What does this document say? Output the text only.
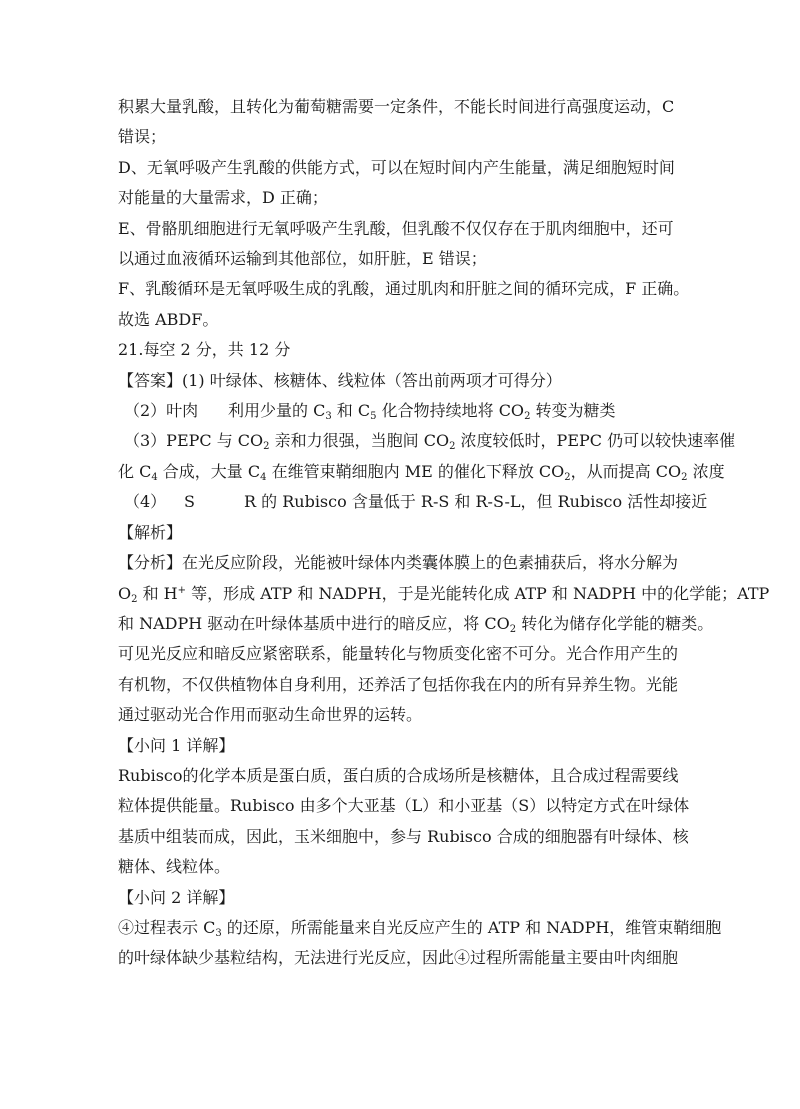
积累大量乳酸，且转化为葡萄糖需要一定条件，不能长时间进行高强度运动，C

错误；

D、无氧呼吸产生乳酸的供能方式，可以在短时间内产生能量，满足细胞短时间

对能量的大量需求，D 正确；

E、骨骼肌细胞进行无氧呼吸产生乳酸，但乳酸不仅仅存在于肌肉细胞中，还可

以通过血液循环运输到其他部位，如肝脏，E 错误；

F、乳酸循环是无氧呼吸生成的乳酸，通过肌肉和肝脏之间的循环完成，F 正确。

故选 ABDF。

21.每空 2 分，共 12 分

【答案】(1) 叶绿体、核糖体、线粒体（答出前两项才可得分）

（2）叶肉 利用少量的 $C_3$ 和 $C_5$ 化合物持续地将 $CO_2$ 转变为糖类

（3）PEPC 与 $CO_2$ 亲和力很强，当胞间 $CO_2$ 浓度较低时，PEPC 仍可以较快速率催

化 $C_4$ 合成，大量 $C_4$ 在维管束鞘细胞内 ME 的催化下释放 $CO_2$，从而提高 $CO_2$ 浓度

（4） S	R 的 Rubisco 含量低于 R-S 和 R-S-L，但 Rubisco 活性却接近

【解析】

【分析】在光反应阶段，光能被叶绿体内类囊体膜上的色素捕获后，将水分解为

$O_2$ 和 H+ 等，形成 ATP 和 NADPH，于是光能转化成 ATP 和 NADPH 中的化学能；ATP

和 NADPH 驱动在叶绿体基质中进行的暗反应，将 $CO_2$ 转化为储存化学能的糖类。

可见光反应和暗反应紧密联系，能量转化与物质变化密不可分。光合作用产生的

有机物，不仅供植物体自身利用，还养活了包括你我在内的所有异养生物。光能

通过驱动光合作用而驱动生命世界的运转。

【小问 1 详解】

Rubisco的化学本质是蛋白质，蛋白质的合成场所是核糖体，且合成过程需要线

粒体提供能量。Rubisco 由多个大亚基（L）和小亚基（S）以特定方式在叶绿体

基质中组装而成，因此，玉米细胞中，参与 Rubisco 合成的细胞器有叶绿体、核

糖体、线粒体。

【小问 2 详解】

④过程表示 $C_3$ 的还原，所需能量来自光反应产生的 ATP 和 NADPH，维管束鞘细胞

的叶绿体缺少基粒结构，无法进行光反应，因此④过程所需能量主要由叶肉细胞
